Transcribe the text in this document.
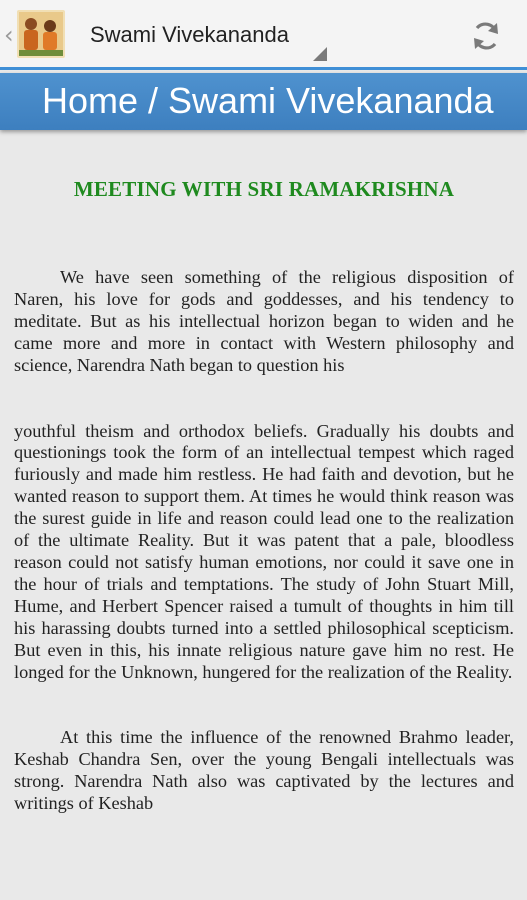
‹	Swami Vivekananda
Home / Swami Vivekananda
MEETING WITH SRI RAMAKRISHNA

We have seen something of the religious disposition of Naren, his love for gods and goddesses, and his tendency to meditate. But as his intellectual horizon began to widen and he came more and more in contact with Western philosophy and science, Narendra Nath began to question his

youthful theism and orthodox beliefs. Gradually his doubts and questionings took the form of an intellectual tempest which raged furiously and made him restless. He had faith and devotion, but he wanted reason to support them. At times he would think reason was the surest guide in life and reason could lead one to the realization of the ultimate Reality. But it was patent that a pale, bloodless reason could not satisfy human emotions, nor could it save one in the hour of trials and temptations. The study of John Stuart Mill, Hume, and Herbert Spencer raised a tumult of thoughts in him till his harassing doubts turned into a settled philosophical scepticism. But even in this, his innate religious nature gave him no rest. He longed for the Unknown, hungered for the realization of the Reality.

At this time the influence of the renowned Brahmo leader, Keshab Chandra Sen, over the young Bengali intellectuals was strong. Narendra Nath also was captivated by the lectures and writings of Keshab
